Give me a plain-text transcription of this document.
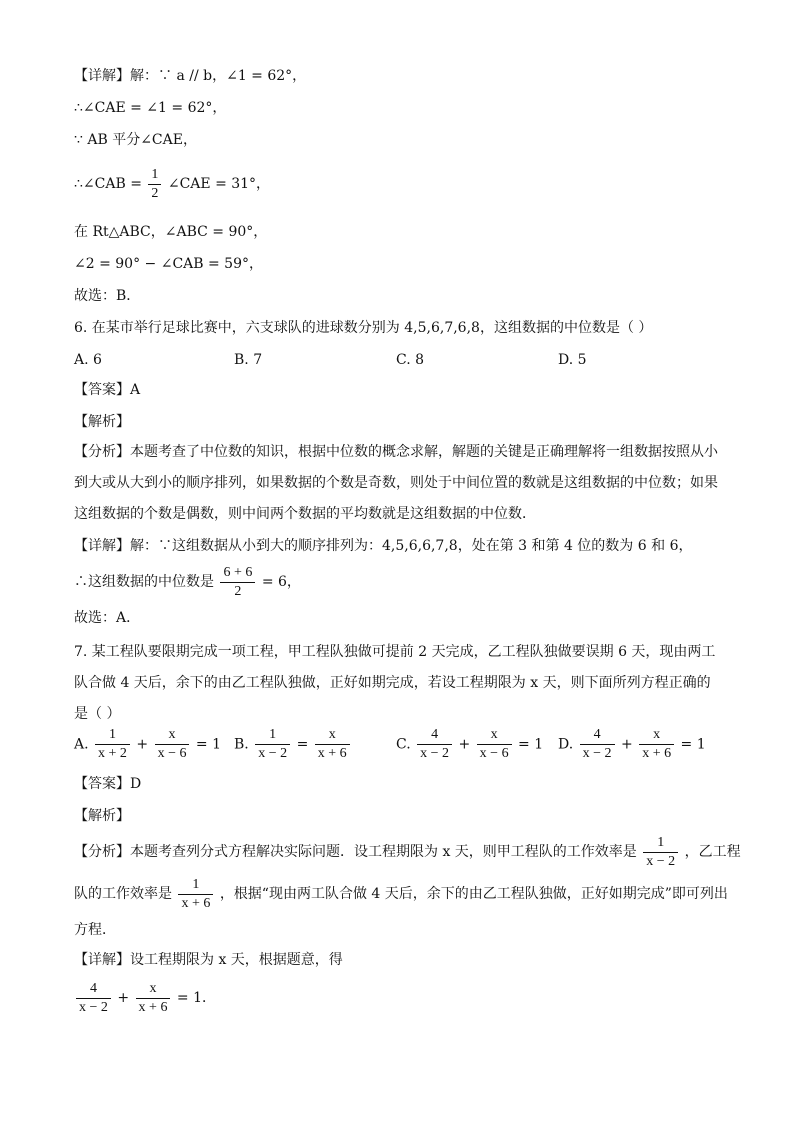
【详解】解：∵ a // b，∠1 = 62°，
∴∠CAE = ∠1 = 62°，
∵ AB 平分∠CAE，
∴∠CAB = $\frac{1}{2}$ ∠CAE = 31°，
在 Rt△ABC，∠ABC = 90°，
∠2 = 90° − ∠CAB = 59°，
故选：B．
6. 在某市举行足球比赛中，六支球队的进球数分别为 4,5,6,7,6,8，这组数据的中位数是（ ）
A. 6	B. 7	C. 8	D. 5
【答案】A
【解析】
【分析】本题考查了中位数的知识，根据中位数的概念求解，解题的关键是正确理解将一组数据按照从小到大或从大到小的顺序排列，如果数据的个数是奇数，则处于中间位置的数就是这组数据的中位数；如果这组数据的个数是偶数，则中间两个数据的平均数就是这组数据的中位数．
【详解】解：∵这组数据从小到大的顺序排列为：4,5,6,6,7,8，处在第 3 和第 4 位的数为 6 和 6，
∴这组数据的中位数是 $\frac{6 + 6}{2} = 6$，
故选：A．
7. 某工程队要限期完成一项工程，甲工程队独做可提前 2 天完成，乙工程队独做要误期 6 天，现由两工队合做 4 天后，余下的由乙工程队独做，正好如期完成，若设工程期限为 x 天，则下面所列方程正确的是（ ）
A. $\frac{1}{x + 2} + \frac{x}{x - 6} = 1$ B. $\frac{1}{x - 2} = \frac{x}{x + 6}$	C. $\frac{4}{x - 2} + \frac{x}{x - 6} = 1$ D. $\frac{4}{x - 2} + \frac{x}{x + 6} = 1$
【答案】D
【解析】
【分析】本题考查列分式方程解决实际问题．设工程期限为 x 天，则甲工程队的工作效率是 $\frac{1}{x - 2}$ ，乙工程
队的工作效率是 $\frac{1}{x + 6}$ ，根据“现由两工队合做 4 天后，余下的由乙工程队独做，正好如期完成”即可列出
方程．
【详解】设工程期限为 x 天，根据题意，得
$\frac{4}{x - 2} + \frac{x}{x + 6} = 1$．
